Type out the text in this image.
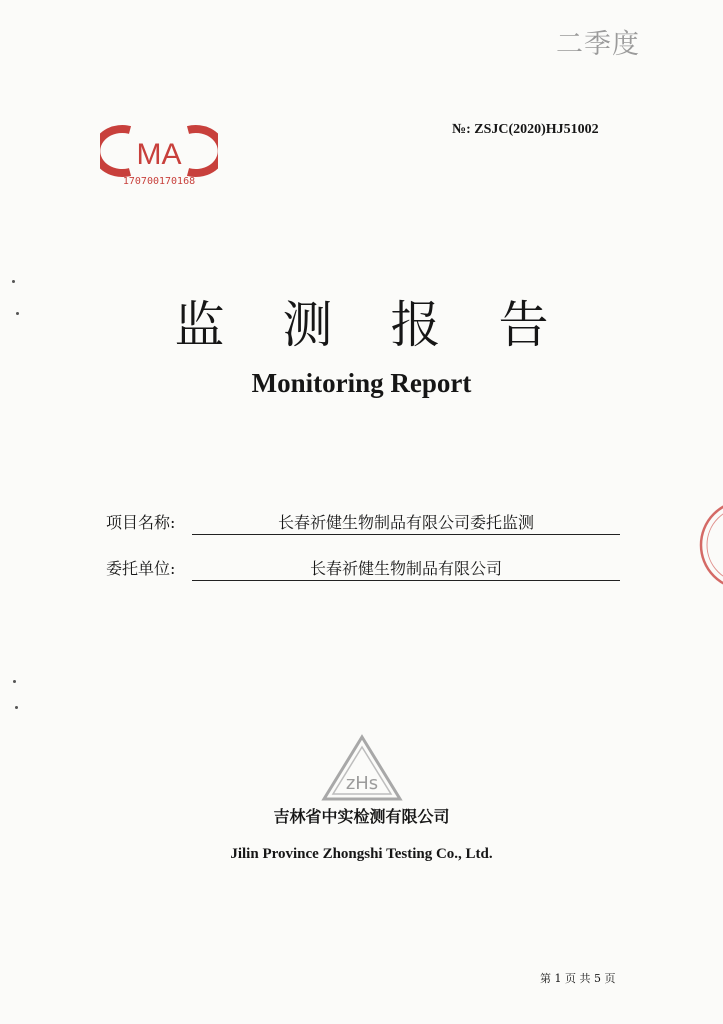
二季度
MA
170700170168
№: ZSJC(2020)HJ51002
监测报告
Monitoring Report
项目名称:	长春祈健生物制品有限公司委托监测
委托单位:	长春祈健生物制品有限公司
zHs
吉林省中实检测有限公司
Jilin Province Zhongshi Testing Co., Ltd.
第 1 页 共 5 页
